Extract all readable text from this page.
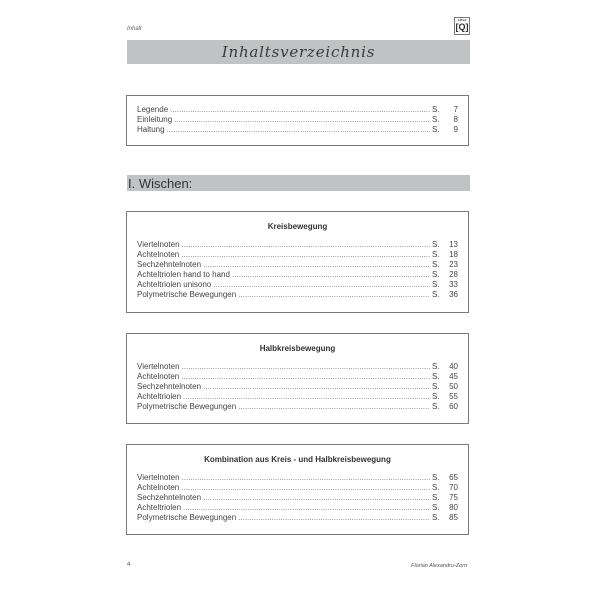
Inhalt
Alfred
[Q]
Inhaltsverzeichnis
Legende .....	S.	7
Einleitung .....	S.	8
Haltung .....	S.	9
I. Wischen:
Kreisbewegung
Viertelnoten .....	S.	13
Achtelnoten .....	S.	18
Sechzehntelnoten .....	S.	23
Achteltriolen hand to hand .....	S.	28
Achteltriolen unisono .....	S.	33
Polymetrische Bewegungen .....	S.	36
Halbkreisbewegung
Viertelnoten .....	S.	40
Achtelnoten .....	S.	45
Sechzehntelnoten .....	S.	50
Achteltriolen .....	S.	55
Polymetrische Bewegungen .....	S.	60
Kombination aus Kreis - und Halbkreisbewegung
Viertelnoten .....	S.	65
Achtelnoten .....	S.	70
Sechzehntelnoten .....	S.	75
Achteltriolen .....	S.	80
Polymetrische Bewegungen .....	S.	85
4	Florian Alexandru-Zorn
